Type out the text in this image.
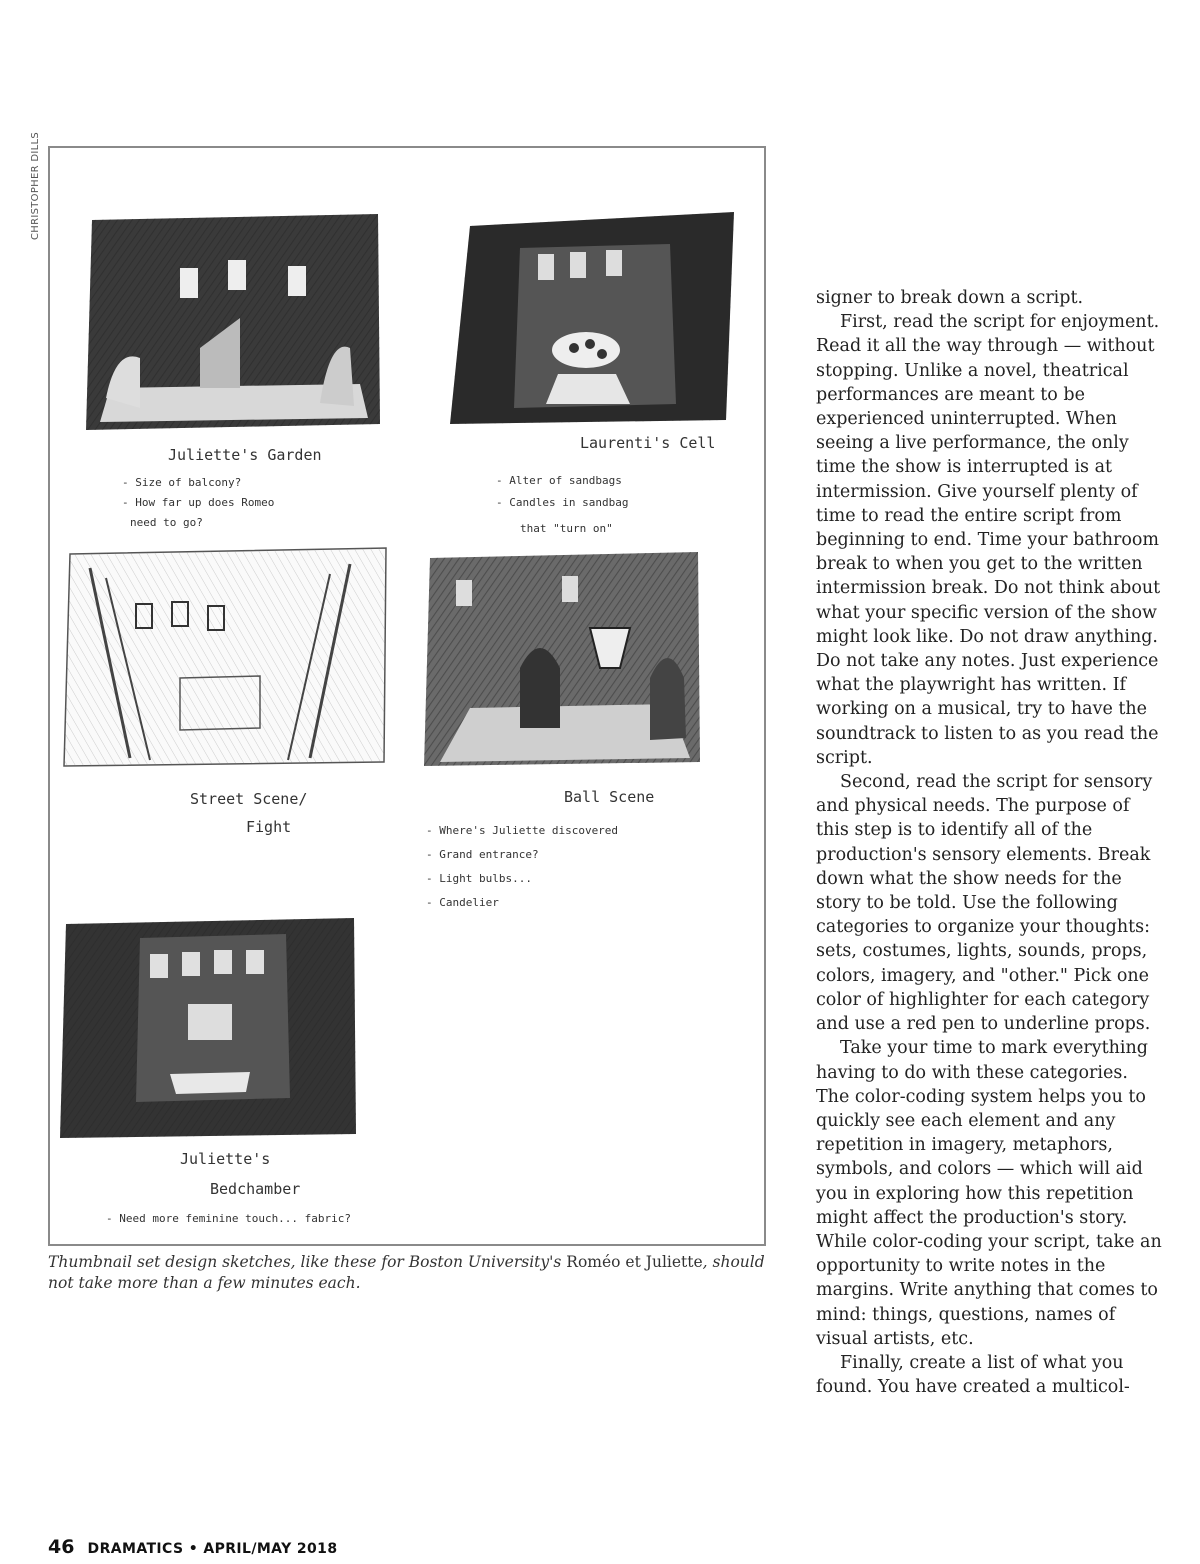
CHRISTOPHER DILLS
Juliette's Garden
- Size of balcony?
- How far up does Romeo
need to go?
Laurenti's Cell
- Alter of sandbags
- Candles in sandbag
that "turn on"
Street Scene/
Fight
Ball Scene
- Where's Juliette discovered
- Grand entrance?
- Light bulbs...
- Candelier
Juliette's
Bedchamber
- Need more feminine touch... fabric?
Thumbnail set design sketches, like these for Boston University's Roméo et Juliette, should not take more than a few minutes each.

signer to break down a script.

First, read the script for enjoyment. Read it all the way through — without stopping. Unlike a novel, theatrical performances are meant to be experienced uninterrupted. When seeing a live performance, the only time the show is interrupted is at intermission. Give yourself plenty of time to read the entire script from beginning to end. Time your bathroom break to when you get to the written intermission break. Do not think about what your specific version of the show might look like. Do not draw anything. Do not take any notes. Just experience what the playwright has written. If working on a musical, try to have the soundtrack to listen to as you read the script.

Second, read the script for sensory and physical needs. The purpose of this step is to identify all of the production's sensory elements. Break down what the show needs for the story to be told. Use the following categories to organize your thoughts: sets, costumes, lights, sounds, props, colors, imagery, and "other." Pick one color of highlighter for each category and use a red pen to underline props.

Take your time to mark everything having to do with these categories. The color-coding system helps you to quickly see each element and any repetition in imagery, metaphors, symbols, and colors — which will aid you in exploring how this repetition might affect the production's story. While color-coding your script, take an opportunity to write notes in the margins. Write anything that comes to mind: things, questions, names of visual artists, etc.

Finally, create a list of what you found. You have created a multicol-

46 DRAMATICS • APRIL/MAY 2018
